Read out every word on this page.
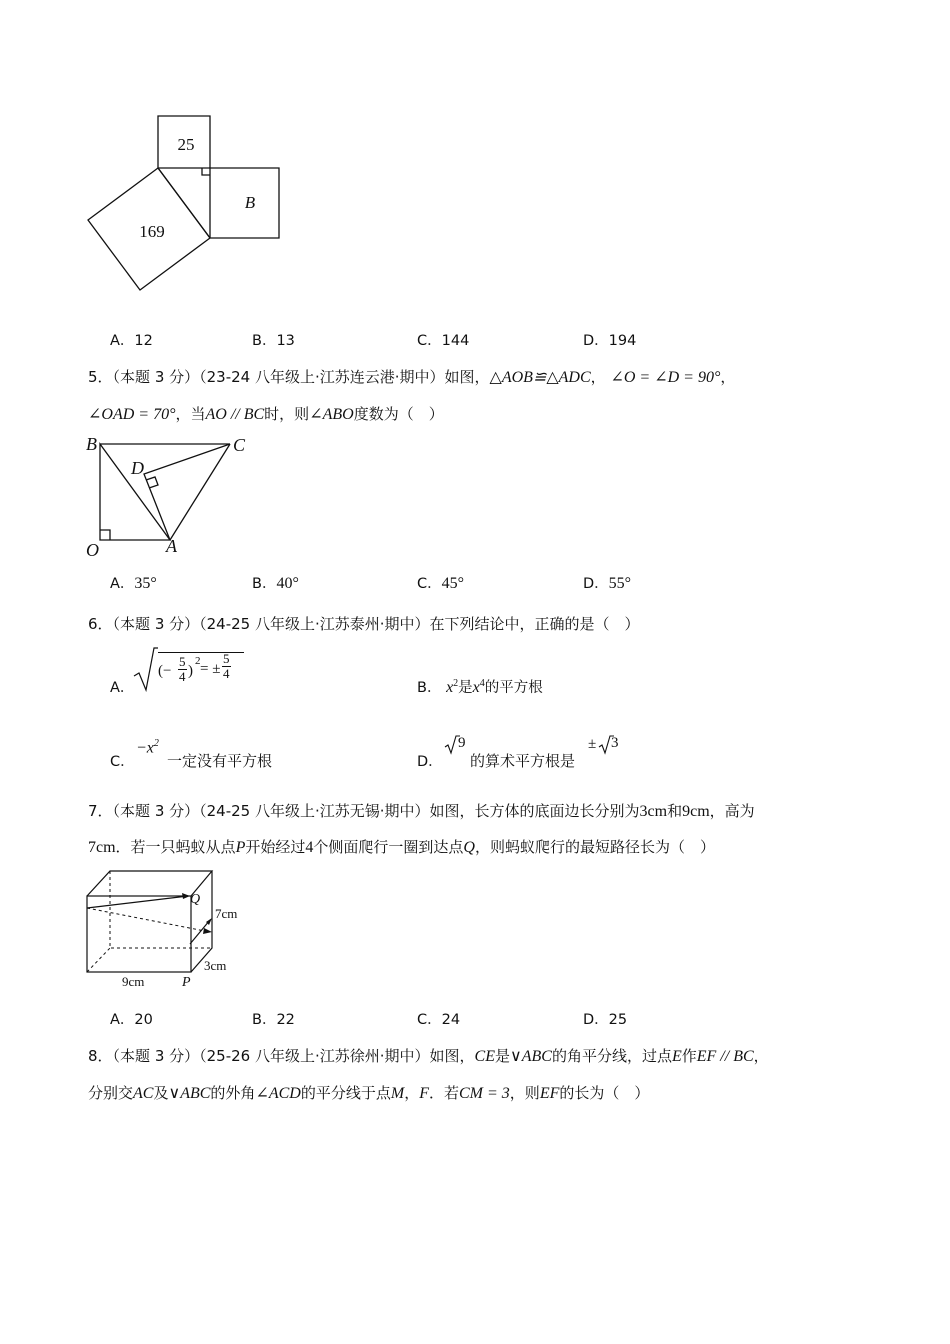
25
B
169
A．12	B．13	C．144	D．194
5．（本题 3 分）（23-24 八年级上·江苏连云港·期中）如图，△AOB≌△ADC， ∠O = ∠D = 90°，
∠OAD = 70°，当AO // BC时，则∠ABO度数为（　）
B	C
D
O	A
A．35°	B．40°	C．45°	D．55°
6．（本题 3 分）（24-25 八年级上·江苏泰州·期中）在下列结论中，正确的是（　）
A．
(− $\frac{5}{4}$ )
2 = ± $\frac{5}{4}$
B． $x^2$是$x^4$的平方根
C．
$-x^2$
一定没有平方根	D．
9
的算术平方根是
± 3
7．（本题 3 分）（24-25 八年级上·江苏无锡·期中）如图，长方体的底面边长分别为3cm和9cm，高为
7cm．若一只蚂蚁从点P开始经过4个侧面爬行一圈到达点Q，则蚂蚁爬行的最短路径长为（　）
Q
7cm
3cm
9cm	P
A．20	B．22	C．24	D．25
8．（本题 3 分）（25-26 八年级上·江苏徐州·期中）如图，CE是∨ABC的角平分线，过点E作EF // BC，
分别交AC及∨ABC的外角∠ACD的平分线于点M，F．若CM = 3，则EF的长为（　）
